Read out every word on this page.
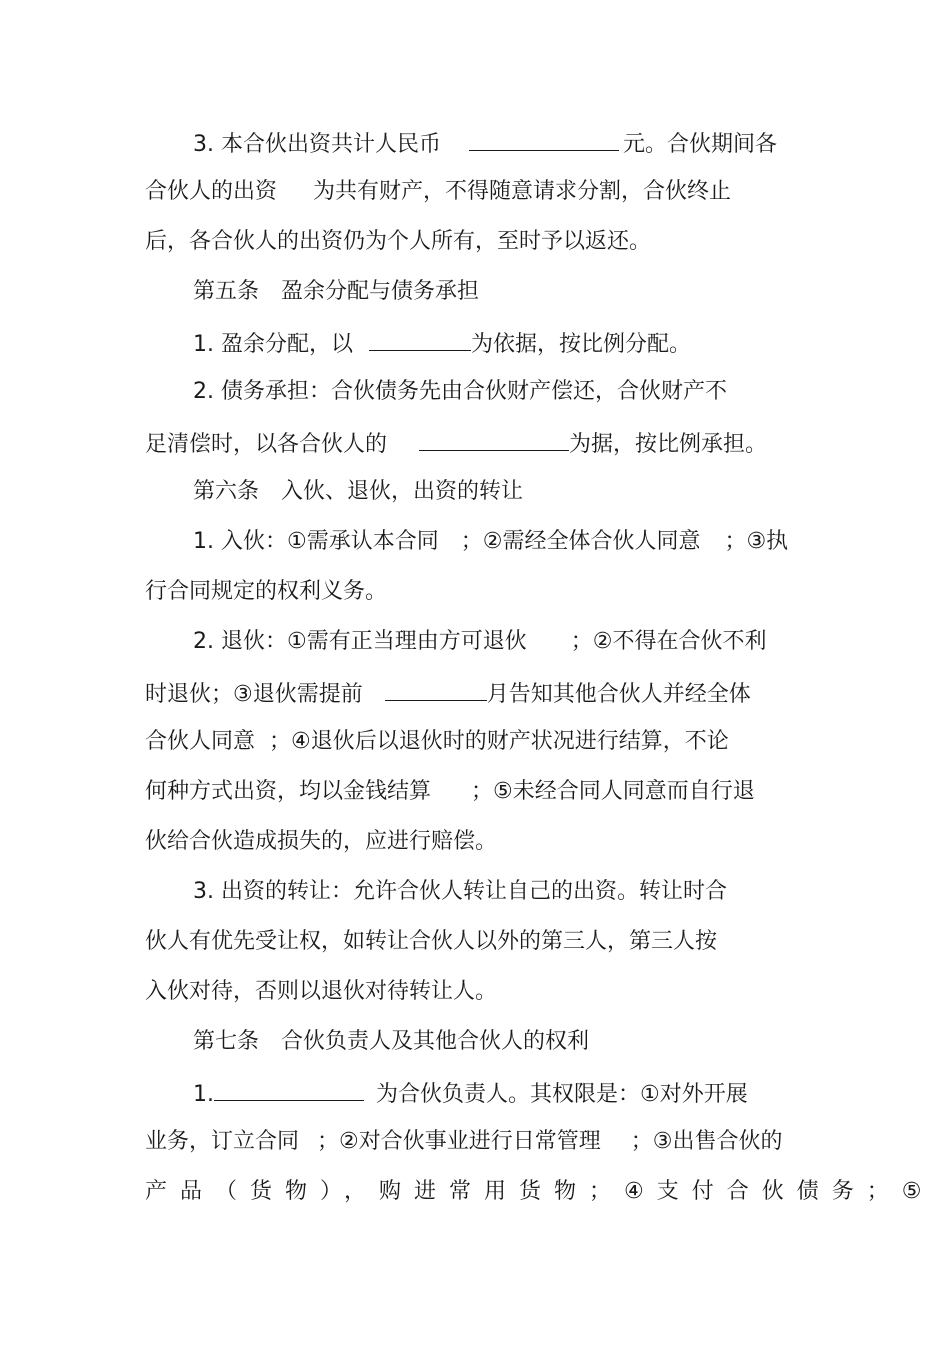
3. 本合伙出资共计人民币	元。合伙期间各
合伙人的出资 为共有财产，不得随意请求分割，合伙终止
后，各合伙人的出资仍为个人所有，至时予以返还。
第五条 盈余分配与债务承担
1. 盈余分配，以	为依据，按比例分配。
2. 债务承担：合伙债务先由合伙财产偿还，合伙财产不
足清偿时，以各合伙人的	为据，按比例承担。
第六条 入伙、退伙，出资的转让
1. 入伙：①需承认本合同 ；②需经全体合伙人同意 ；③执
行合同规定的权利义务。
2. 退伙：①需有正当理由方可退伙 ；②不得在合伙不利
时退伙；③退伙需提前	月告知其他合伙人并经全体
合伙人同意 ；④退伙后以退伙时的财产状况进行结算，不论
何种方式出资，均以金钱结算 ；⑤未经合同人同意而自行退
伙给合伙造成损失的，应进行赔偿。
3. 出资的转让：允许合伙人转让自己的出资。转让时合
伙人有优先受让权，如转让合伙人以外的第三人，第三人按
入伙对待，否则以退伙对待转让人。
第七条 合伙负责人及其他合伙人的权利
1.	为合伙负责人。其权限是：①对外开展
业务，订立合同 ；②对合伙事业进行日常管理 ；③出售合伙的
产品（货物），购进常用货物；④支付合伙债务；⑤
